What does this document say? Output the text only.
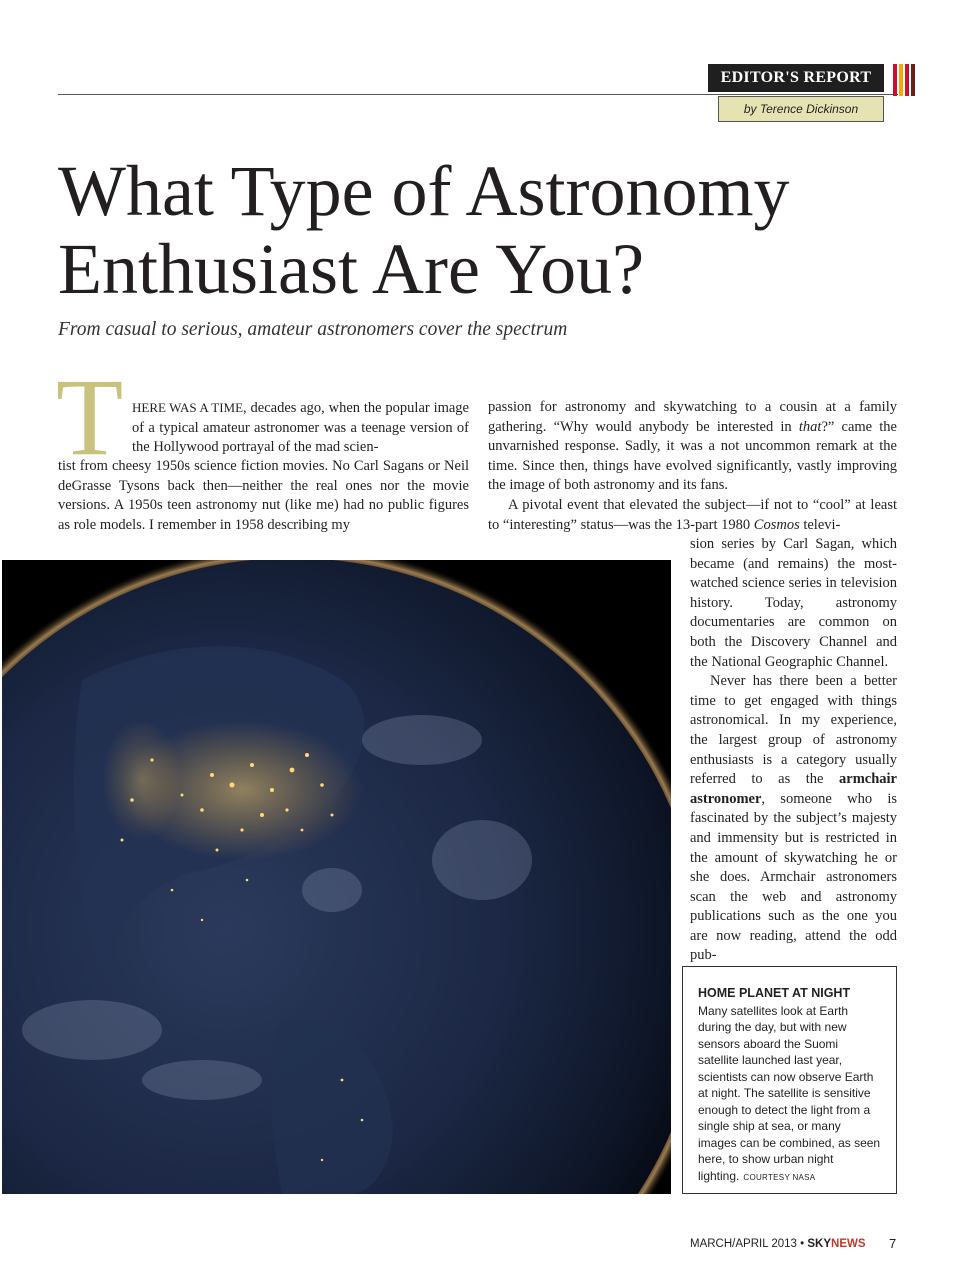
EDITOR'S REPORT
by Terence Dickinson
What Type of Astronomy
Enthusiast Are You?
From casual to serious, amateur astronomers cover the spectrum
T HERE WAS A TIME, decades ago, when the popular image of a typical amateur astronomer was a teenage version of the Hollywood portrayal of the mad scien-

tist from cheesy 1950s science fiction movies. No Carl Sagans or Neil deGrasse Tysons back then—neither the real ones nor the movie versions. A 1950s teen astronomy nut (like me) had no public figures as role models. I remember in 1958 describing my

passion for astronomy and skywatching to a cousin at a family gathering. “Why would anybody be interested in that?” came the unvarnished response. Sadly, it was a not uncommon remark at the time. Since then, things have evolved significantly, vastly improving the image of both astronomy and its fans.

A pivotal event that elevated the subject—if not to “cool” at least to “interesting” status—was the 13-part 1980 Cosmos televi-

sion series by Carl Sagan, which became (and remains) the most-watched science series in television history. Today, astronomy documentaries are common on both the Discovery Channel and the National Geographic Channel.

Never has there been a better time to get engaged with things astronomical. In my experience, the largest group of astronomy enthusiasts is a category usually referred to as the armchair astronomer, someone who is fascinated by the subject’s majesty and immensity but is restricted in the amount of skywatching he or she does. Armchair astronomers scan the web and astronomy publications such as the one you are now reading, attend the odd pub-

HOME PLANET AT NIGHT
Many satellites look at Earth during the day, but with new sensors aboard the Suomi satellite launched last year, scientists can now observe Earth at night. The satellite is sensitive enough to detect the light from a single ship at sea, or many images can be combined, as seen here, to show urban night lighting. COURTESY NASA
MARCH/APRIL 2013 • SKYNEWS 7
